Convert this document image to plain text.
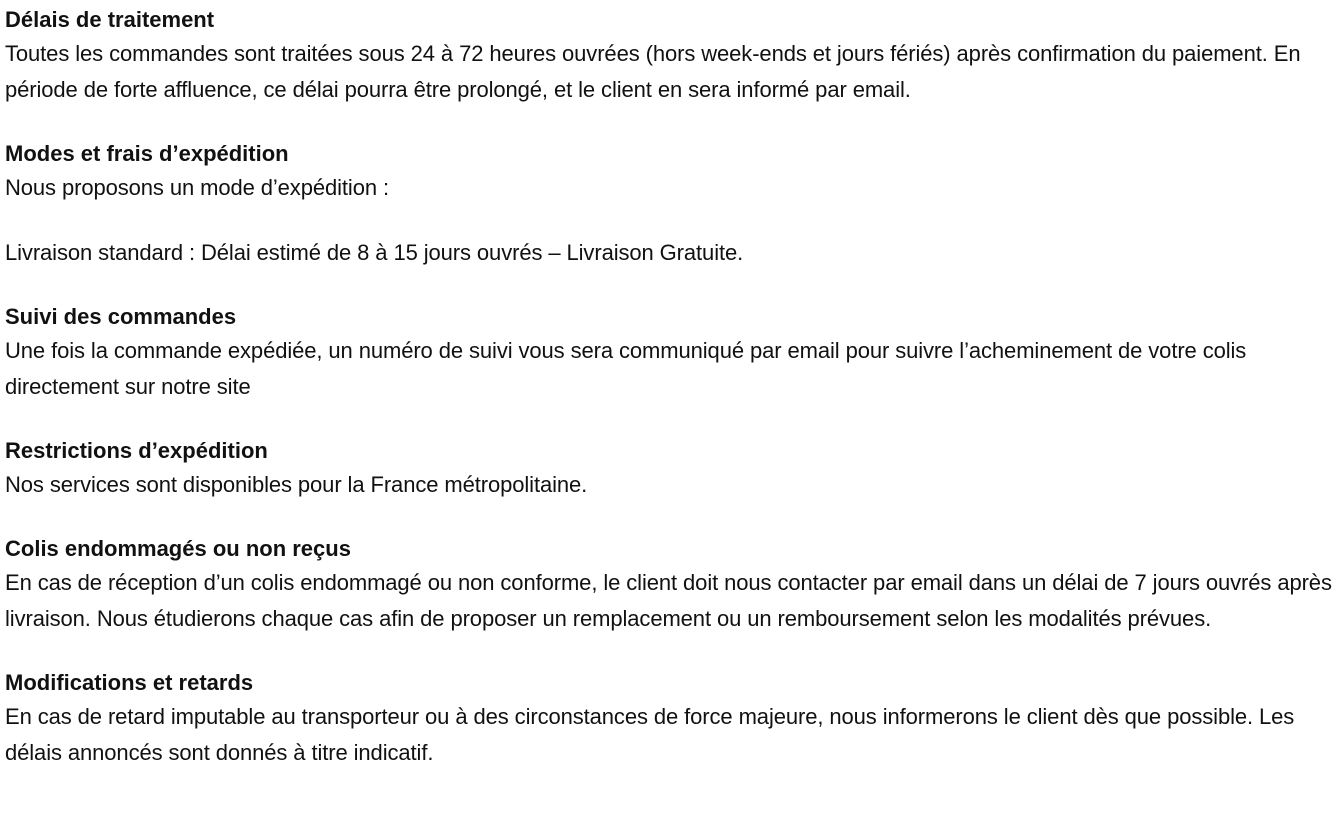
Délais de traitement

Toutes les commandes sont traitées sous 24 à 72 heures ouvrées (hors week-ends et jours fériés) après confirmation du paiement. En période de forte affluence, ce délai pourra être prolongé, et le client en sera informé par email.

Modes et frais d’expédition

Nous proposons un mode d’expédition :

Livraison standard : Délai estimé de 8 à 15 jours ouvrés – Livraison Gratuite.

Suivi des commandes

Une fois la commande expédiée, un numéro de suivi vous sera communiqué par email pour suivre l’acheminement de votre colis directement sur notre site

Restrictions d’expédition

Nos services sont disponibles pour la France métropolitaine.

Colis endommagés ou non reçus

En cas de réception d’un colis endommagé ou non conforme, le client doit nous contacter par email dans un délai de 7 jours ouvrés après livraison. Nous étudierons chaque cas afin de proposer un remplacement ou un remboursement selon les modalités prévues.

Modifications et retards

En cas de retard imputable au transporteur ou à des circonstances de force majeure, nous informerons le client dès que possible. Les délais annoncés sont donnés à titre indicatif.
